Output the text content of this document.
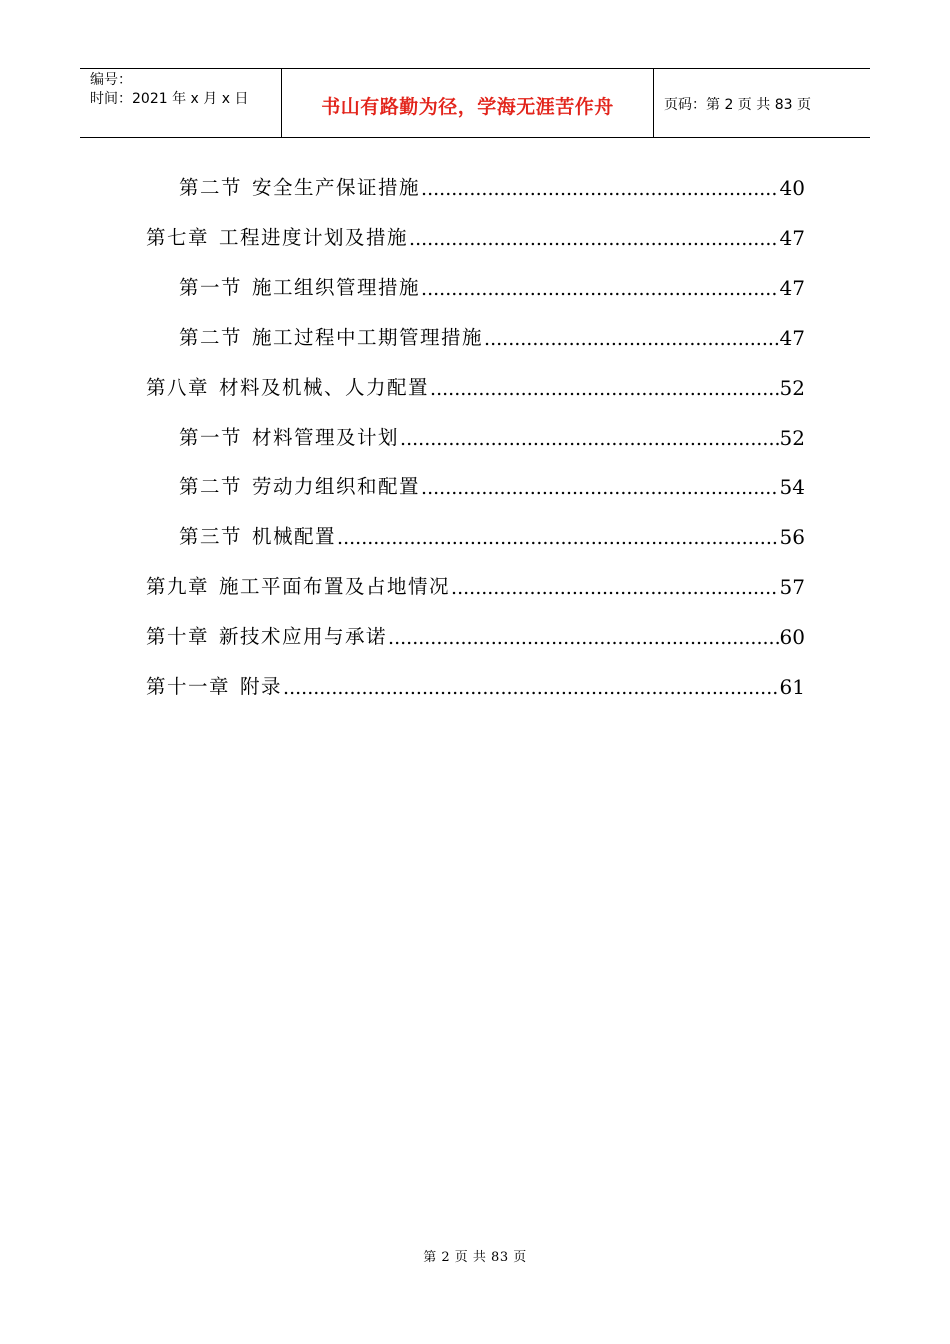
编号：
时间：2021 年 x 月 x 日	书山有路勤为径，学海无涯苦作舟	页码：第 2 页 共 83 页
第二节 安全生产保证措施 .....	40
第七章 工程进度计划及措施 .....	47
第一节 施工组织管理措施 .....	47
第二节 施工过程中工期管理措施 .....	47
第八章 材料及机械、人力配置 .....	52
第一节 材料管理及计划 .....	52
第二节 劳动力组织和配置 .....	54
第三节 机械配置 .....	56
第九章 施工平面布置及占地情况 .....	57
第十章 新技术应用与承诺 .....	60
第十一章 附录 .....	61
第 2 页 共 83 页
